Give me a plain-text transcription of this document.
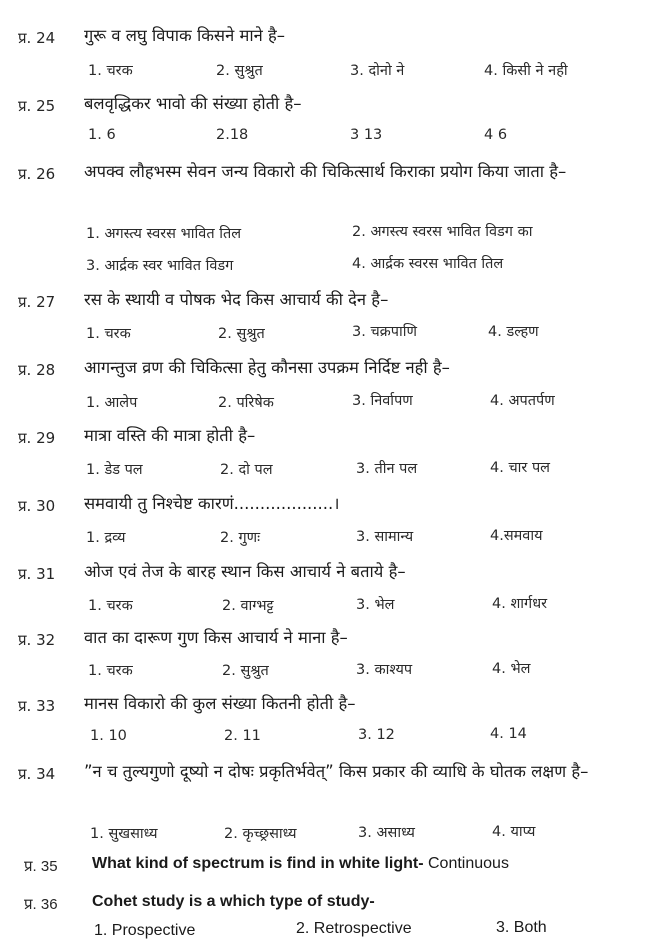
प्र. 24 गुरू व लघु विपाक किसने माने है–
1. चरक	2. सुश्रुत	3. दोनो ने	4. किसी ने नही
प्र. 25 बलवृद्धिकर भावो की संख्या होती है–
1. 6	2.18	3 13	4 6
प्र. 26 अपक्व लौहभस्म सेवन जन्य विकारो की चिकित्सार्थ किराका प्रयोग किया जाता है–
1. अगस्त्य स्वरस भावित तिल	2. अगस्त्य स्वरस भावित विडग का
3. आर्द्रक स्वर भावित विडग	4. आर्द्रक स्वरस भावित तिल
प्र. 27 रस के स्थायी व पोषक भेद किस आचार्य की देन है–
1. चरक	2. सुश्रुत	3. चक्रपाणि	4. डल्हण
प्र. 28 आगन्तुज व्रण की चिकित्सा हेतु कौनसा उपक्रम निर्दिष्ट नही है–
1. आलेप	2. परिषेक	3. निर्वापण	4. अपतर्पण
प्र. 29 मात्रा वस्ति की मात्रा होती है–
1. डेड पल	2. दो पल	3. तीन पल	4. चार पल
प्र. 30 समवायी तु निश्चेष्ट कारणं...................।
1. द्रव्य	2. गुणः	3. सामान्य	4.समवाय
प्र. 31 ओज एवं तेज के बारह स्थान किस आचार्य ने बताये है–
1. चरक	2. वाग्भट्ट	3. भेल	4. शार्गधर
प्र. 32 वात का दारूण गुण किस आचार्य ने माना है–
1. चरक	2. सुश्रुत	3. काश्यप	4. भेल
प्र. 33 मानस विकारो की कुल संख्या कितनी होती है–
1. 10	2. 11	3. 12	4. 14
प्र. 34 ”न च तुल्यगुणो दूष्यो न दोषः प्रकृतिर्भवेत्” किस प्रकार की व्याधि के घोतक लक्षण है–
1. सुखसाध्य	2. कृच्छ्रसाध्य	3. असाध्य	4. याप्य
प्र. 35 What kind of spectrum is find in white light- Continuous
प्र. 36 Cohet study is a which type of study-
1. Prospective	2. Retrospective	3. Both
